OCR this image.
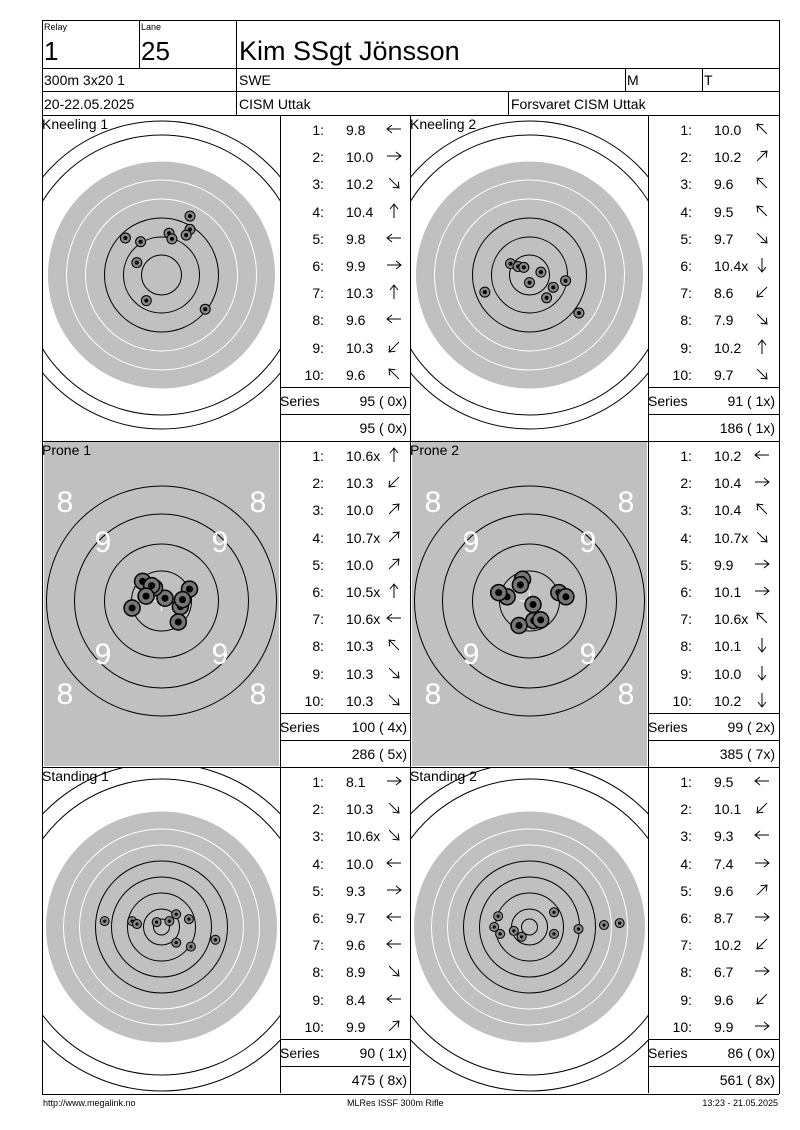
Relay
1
Lane
25	Kim SSgt Jönsson
300m 3x20 1	SWE	M	T
20-22.05.2025	CISM Uttak	Forsvaret CISM Uttak
Kneeling 1	1: 9.8
2: 10.0
3: 10.2
4: 10.4
5: 9.8
6: 9.9
7: 10.3
8: 9.6
9: 10.3
10: 9.6
Series	95 ( 0x)
95 ( 0x)
Kneeling 2	1: 10.0
2: 10.2
3: 9.6
4: 9.5
5: 9.7
6: 10.4x
7: 8.6
8: 7.9
9: 10.2
10: 9.7
Series	91 ( 1x)
186 ( 1x)
8	8
8	8
9	9
9	9
Prone 1	1: 10.6x
2: 10.3
3: 10.0
4: 10.7x
5: 10.0
6: 10.5x
7: 10.6x
8: 10.3
9: 10.3
10: 10.3
Series 100 ( 4x)
286 ( 5x)
8	8
8	8
9	9
9	9
Prone 2	1: 10.2
2: 10.4
3: 10.4
4: 10.7x
5: 9.9
6: 10.1
7: 10.6x
8: 10.1
9: 10.0
10: 10.2
Series	99 ( 2x)
385 ( 7x)
Standing 1	1: 8.1
2: 10.3
3: 10.6x
4: 10.0
5: 9.3
6: 9.7
7: 9.6
8: 8.9
9: 8.4
10: 9.9
Series	90 ( 1x)
475 ( 8x)
Standing 2	1: 9.5
2: 10.1
3: 9.3
4: 7.4
5: 9.6
6: 8.7
7: 10.2
8: 6.7
9: 9.6
10: 9.9
Series	86 ( 0x)
561 ( 8x)
http://www.megalink.no	MLRes ISSF 300m Rifle	13:23 - 21.05.2025
